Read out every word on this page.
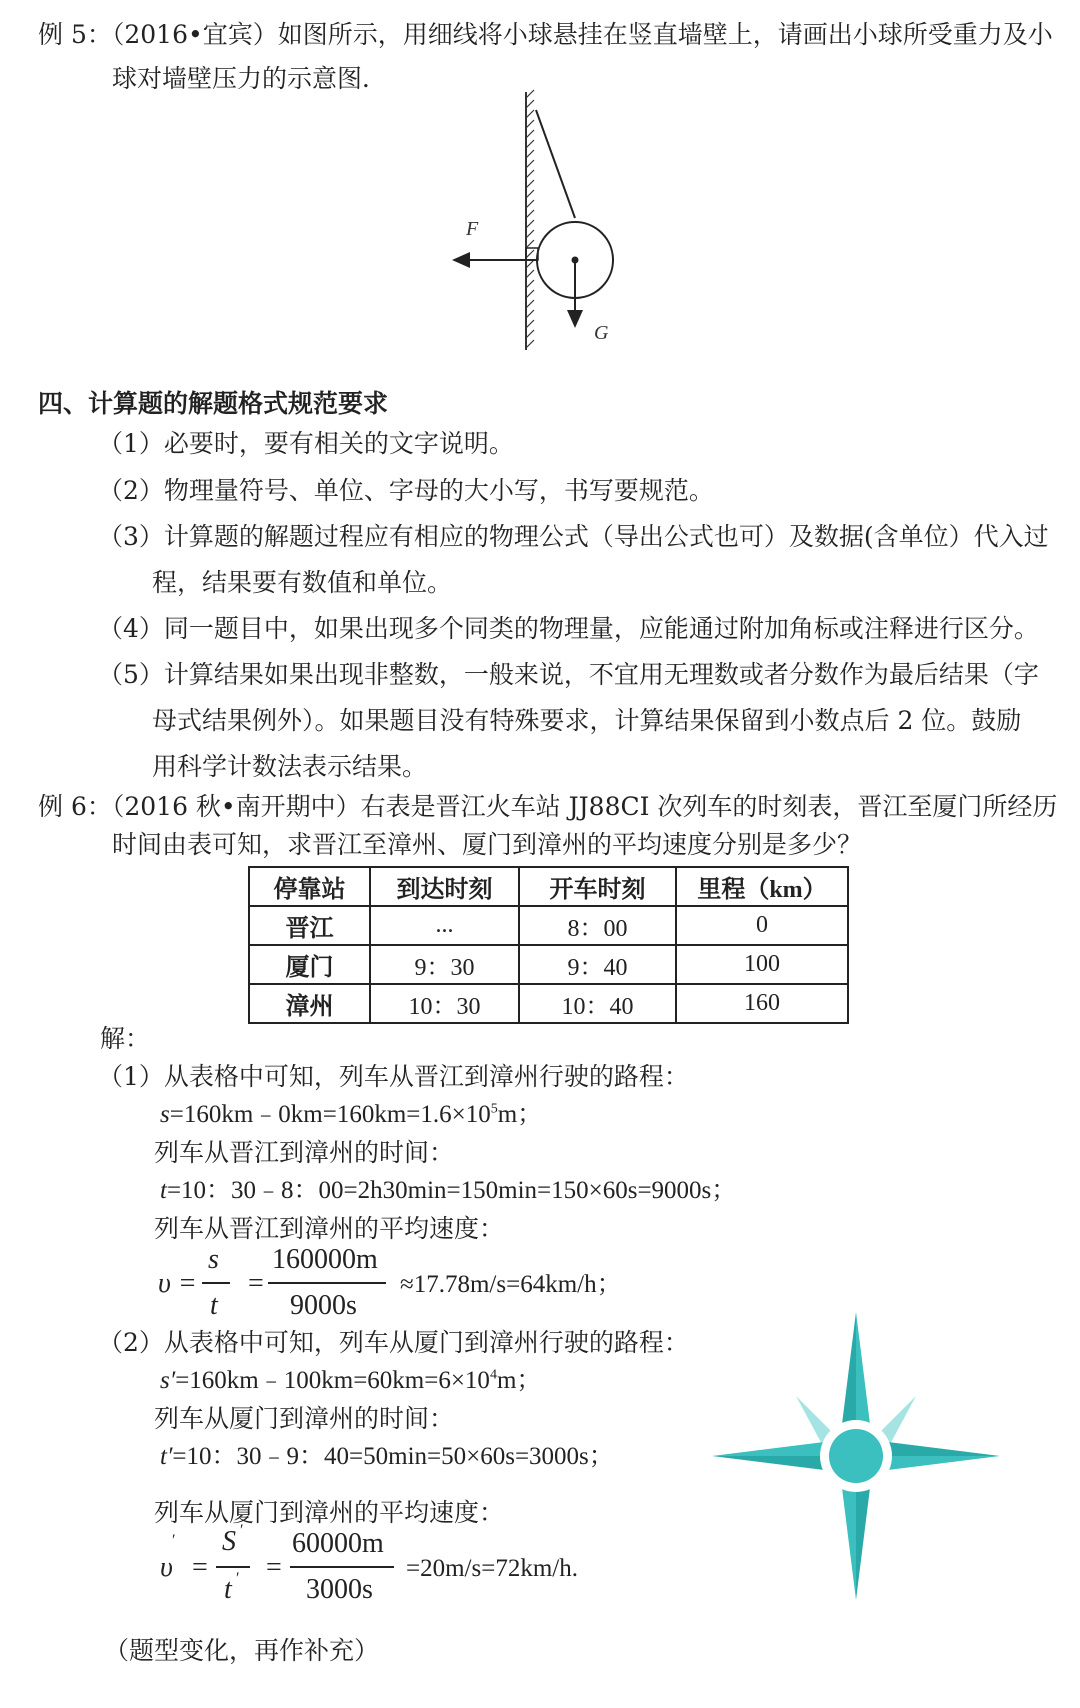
例 5：（2016•宜宾）如图所示，用细线将小球悬挂在竖直墙壁上，请画出小球所受重力及小
球对墙壁压力的示意图．
F
G
四、计算题的解题格式规范要求
（1）必要时，要有相关的文字说明。
（2）物理量符号、单位、字母的大小写，书写要规范。
（3）计算题的解题过程应有相应的物理公式（导出公式也可）及数据(含单位）代入过
程，结果要有数值和单位。
（4）同一题目中，如果出现多个同类的物理量，应能通过附加角标或注释进行区分。
（5）计算结果如果出现非整数，一般来说，不宜用无理数或者分数作为最后结果（字
母式结果例外）。如果题目没有特殊要求，计算结果保留到小数点后 2 位。鼓励
用科学计数法表示结果。
例 6：（2016 秋•南开期中）右表是晋江火车站 JJ88CI 次列车的时刻表，晋江至厦门所经历
时间由表可知，求晋江至漳州、厦门到漳州的平均速度分别是多少？
停靠站	到达时刻	开车时刻	里程（km）
晋江	...	8：00	0
厦门	9：30	9：40	100
漳州	10：30	10：40	160
解：
（1）从表格中可知，列车从晋江到漳州行驶的路程：
$s=160km﹣0km=160km=1.6\times 10^5m$；
列车从晋江到漳州的时间：
t=10：30﹣8：00=2h30min=150min=150×60s=9000s；
列车从晋江到漳州的平均速度：
υ =
s
t
=
160000m
9000s
≈17.78m/s=64km/h；
（2）从表格中可知，列车从厦门到漳州行驶的路程：
$s'=160km﹣100km=60km=6\times 10^4m$；
列车从厦门到漳州的时间：
t′=10：30﹣9：40=50min=50×60s=3000s；
列车从厦门到漳州的平均速度：
υ
′
=
S ′
t ′ =
60000m
3000s
=20m/s=72km/h.
（题型变化，再作补充）
